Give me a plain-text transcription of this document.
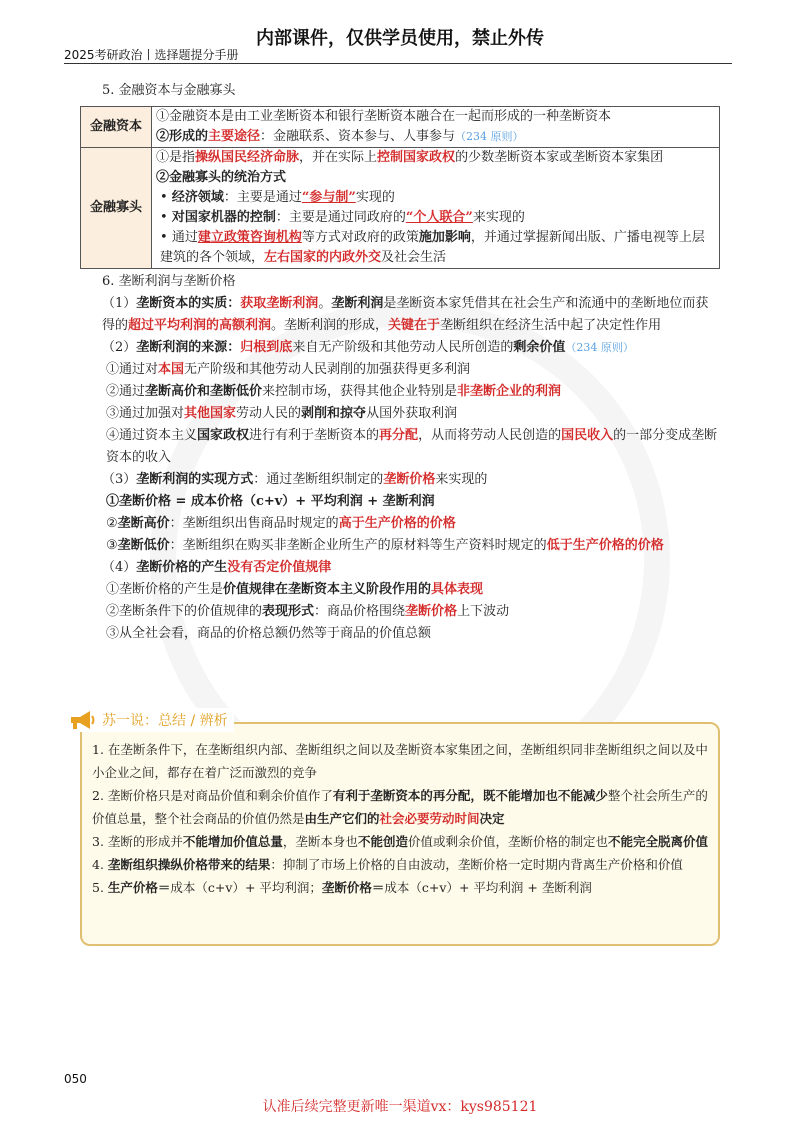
内部课件，仅供学员使用，禁止外传
2025考研政治丨选择题提分手册

5. 金融资本与金融寡头

金融资本	①金融资本是由工业垄断资本和银行垄断资本融合在一起而形成的一种垄断资本
②形成的主要途径：金融联系、资本参与、人事参与（234 原则）

金融寡头	①是指操纵国民经济命脉，并在实际上控制国家政权的少数垄断资本家或垄断资本家集团
②金融寡头的统治方式
• 经济领域：主要是通过“参与制”实现的
• 对国家机器的控制：主要是通过同政府的“个人联合”来实现的
• 通过建立政策咨询机构等方式对政府的政策施加影响，并通过掌握新闻出版、广播电视等上层建筑的各个领域，左右国家的内政外交及社会生活

6. 垄断利润与垄断价格

（1）垄断资本的实质：获取垄断利润。垄断利润是垄断资本家凭借其在社会生产和流通中的垄断地位而获得的超过平均利润的高额利润。垄断利润的形成，关键在于垄断组织在经济生活中起了决定性作用

（2）垄断利润的来源：归根到底来自无产阶级和其他劳动人民所创造的剩余价值（234 原则）

①通过对本国无产阶级和其他劳动人民剥削的加强获得更多利润

②通过垄断高价和垄断低价来控制市场，获得其他企业特别是非垄断企业的利润

③通过加强对其他国家劳动人民的剥削和掠夺从国外获取利润

④通过资本主义国家政权进行有利于垄断资本的再分配，从而将劳动人民创造的国民收入的一部分变成垄断资本的收入

（3）垄断利润的实现方式：通过垄断组织制定的垄断价格来实现的

①垄断价格 = 成本价格（c+v）+ 平均利润 + 垄断利润

②垄断高价：垄断组织出售商品时规定的高于生产价格的价格

③垄断低价：垄断组织在购买非垄断企业所生产的原材料等生产资料时规定的低于生产价格的价格

（4）垄断价格的产生没有否定价值规律

①垄断价格的产生是价值规律在垄断资本主义阶段作用的具体表现

②垄断条件下的价值规律的表现形式：商品价格围绕垄断价格上下波动

③从全社会看，商品的价格总额仍然等于商品的价值总额

1. 在垄断条件下，在垄断组织内部、垄断组织之间以及垄断资本家集团之间，垄断组织同非垄断组织之间以及中小企业之间，都存在着广泛而激烈的竞争

2. 垄断价格只是对商品价值和剩余价值作了有利于垄断资本的再分配，既不能增加也不能减少整个社会所生产的价值总量，整个社会商品的价值仍然是由生产它们的社会必要劳动时间决定

3. 垄断的形成并不能增加价值总量，垄断本身也不能创造价值或剩余价值，垄断价格的制定也不能完全脱离价值

4. 垄断组织操纵价格带来的结果：抑制了市场上价格的自由波动，垄断价格一定时期内背离生产价格和价值

5. 生产价格＝成本（c+v）+ 平均利润；垄断价格＝成本（c+v）+ 平均利润 + 垄断利润

苏一说：总结 / 辨析
050
认准后续完整更新唯一渠道vx：kys985121
